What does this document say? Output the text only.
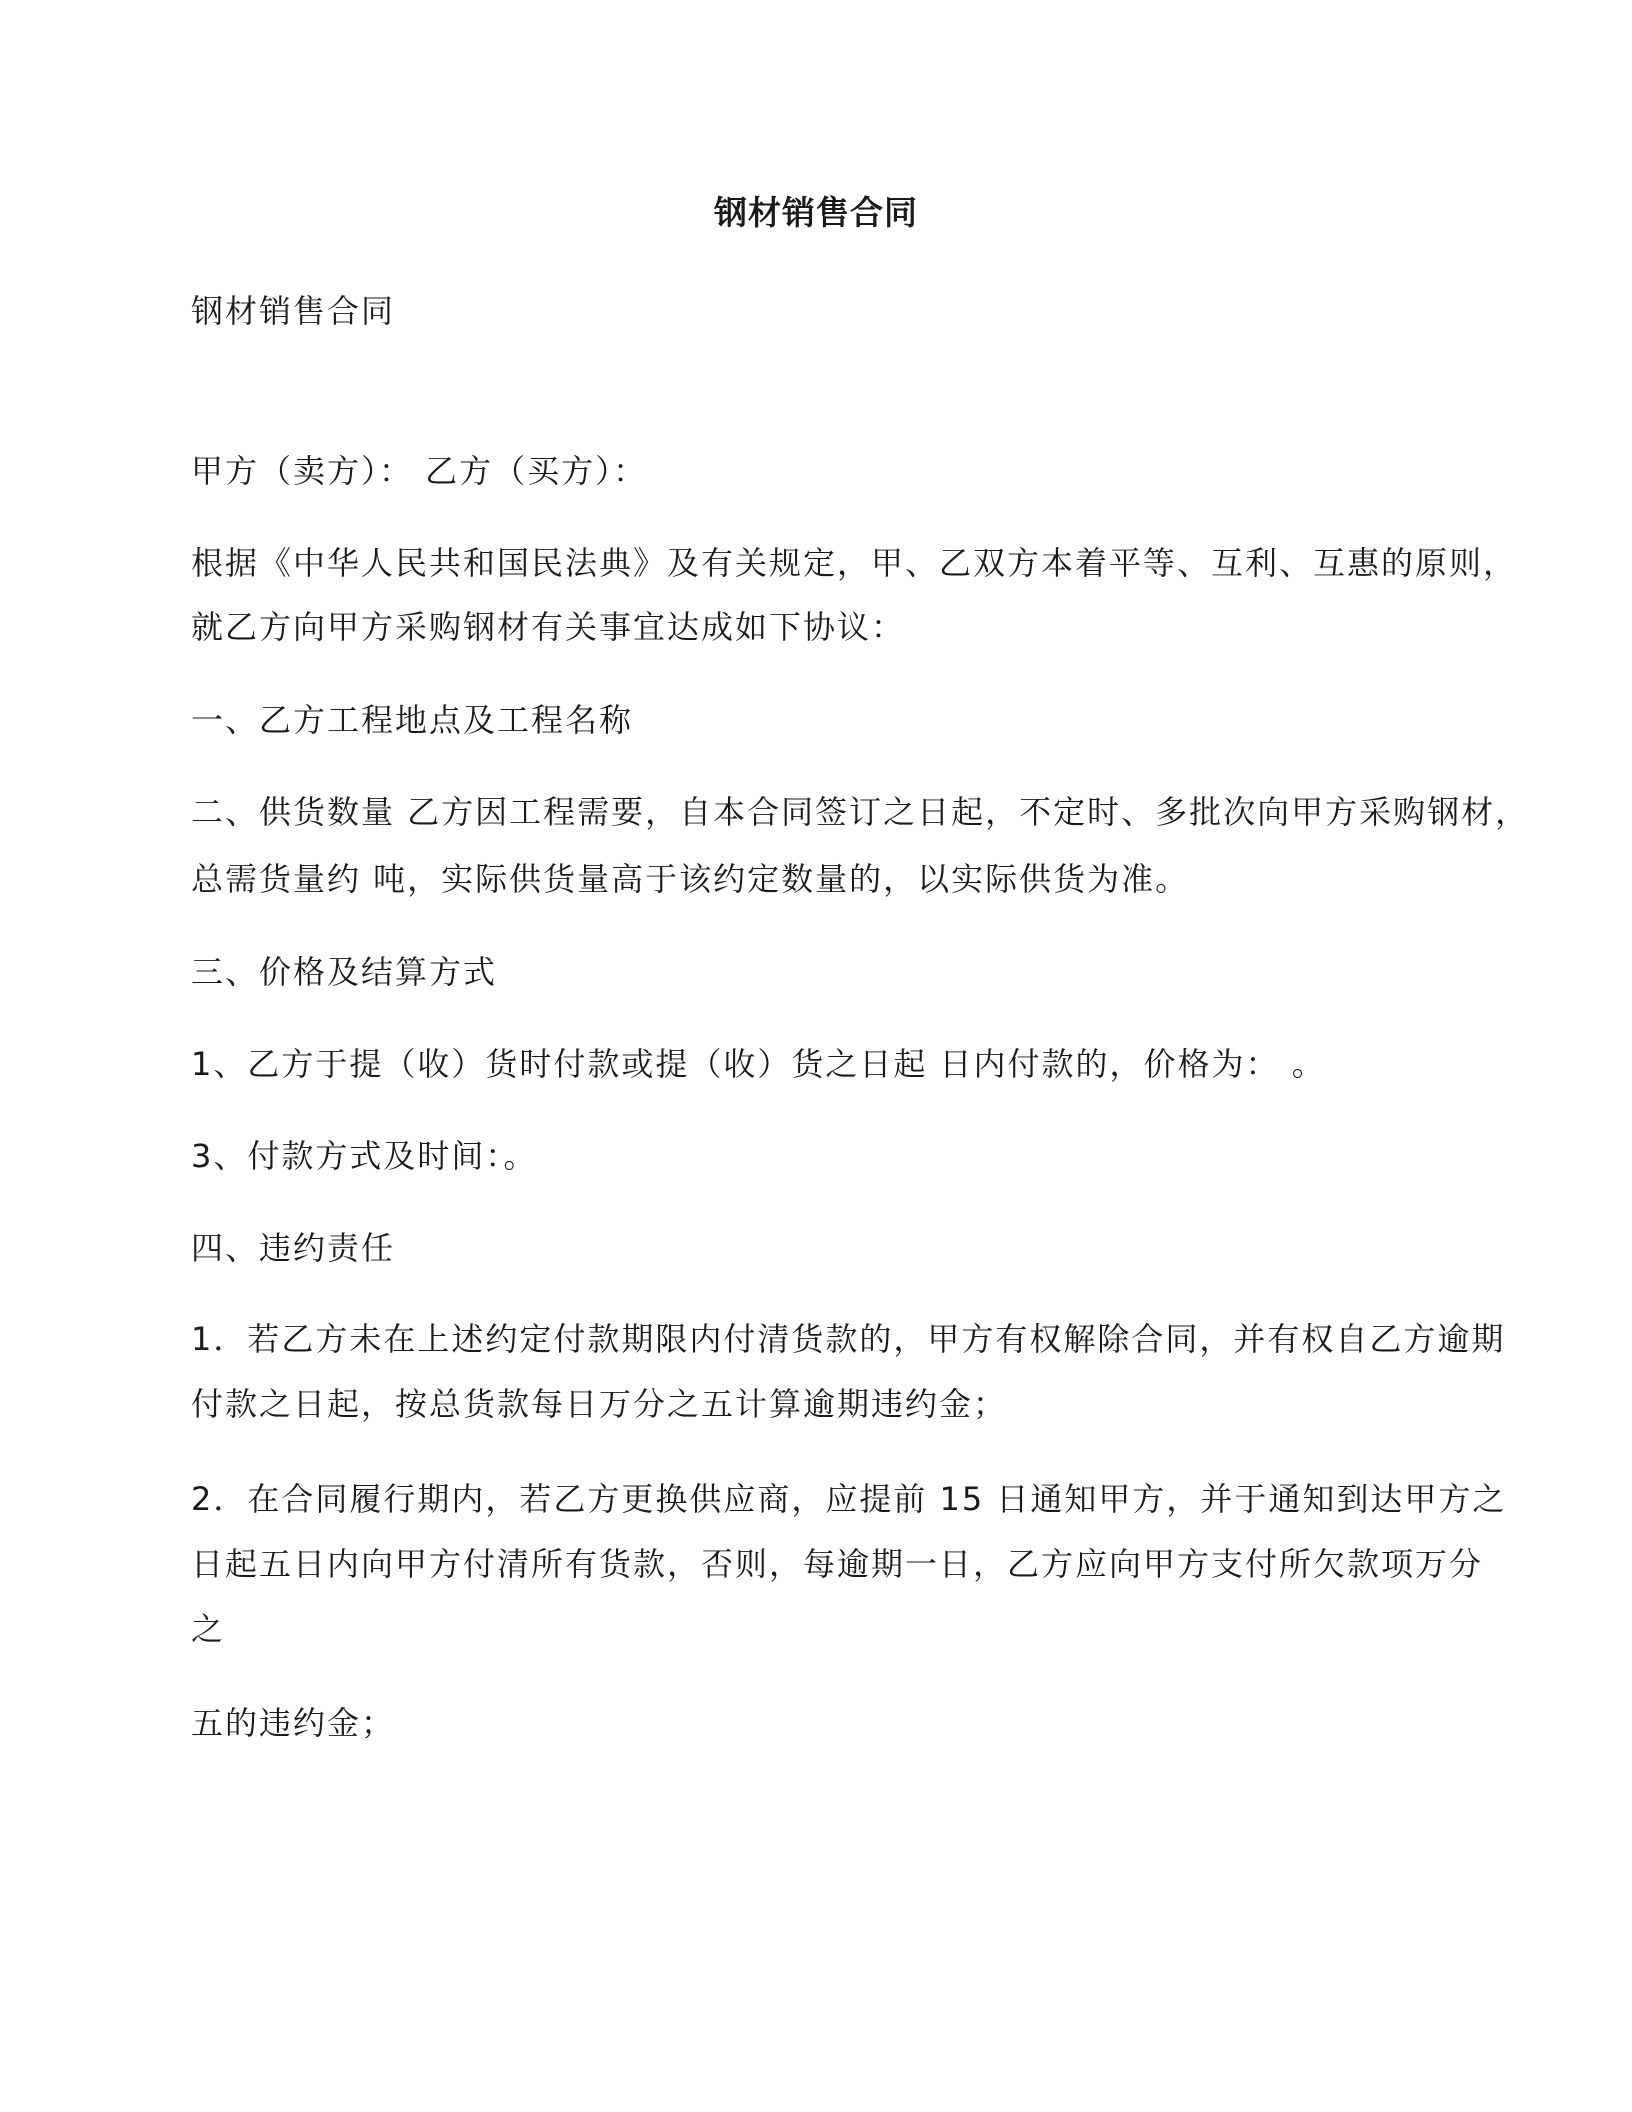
钢材销售合同
钢材销售合同
甲方（卖方）： 乙方（买方）：
根据《中华人民共和国民法典》及有关规定，甲、乙双方本着平等、互利、互惠的原则，
就乙方向甲方采购钢材有关事宜达成如下协议：
一、乙方工程地点及工程名称
二、供货数量 乙方因工程需要，自本合同签订之日起，不定时、多批次向甲方采购钢材，
总需货量约 吨，实际供货量高于该约定数量的，以实际供货为准。
三、价格及结算方式
1、乙方于提（收）货时付款或提（收）货之日起 日内付款的，价格为： 。
3、付款方式及时间：。
四、违约责任
1．若乙方未在上述约定付款期限内付清货款的，甲方有权解除合同，并有权自乙方逾期
付款之日起，按总货款每日万分之五计算逾期违约金；
2．在合同履行期内，若乙方更换供应商，应提前 15 日通知甲方，并于通知到达甲方之
日起五日内向甲方付清所有货款，否则，每逾期一日，乙方应向甲方支付所欠款项万分
之
五的违约金；
